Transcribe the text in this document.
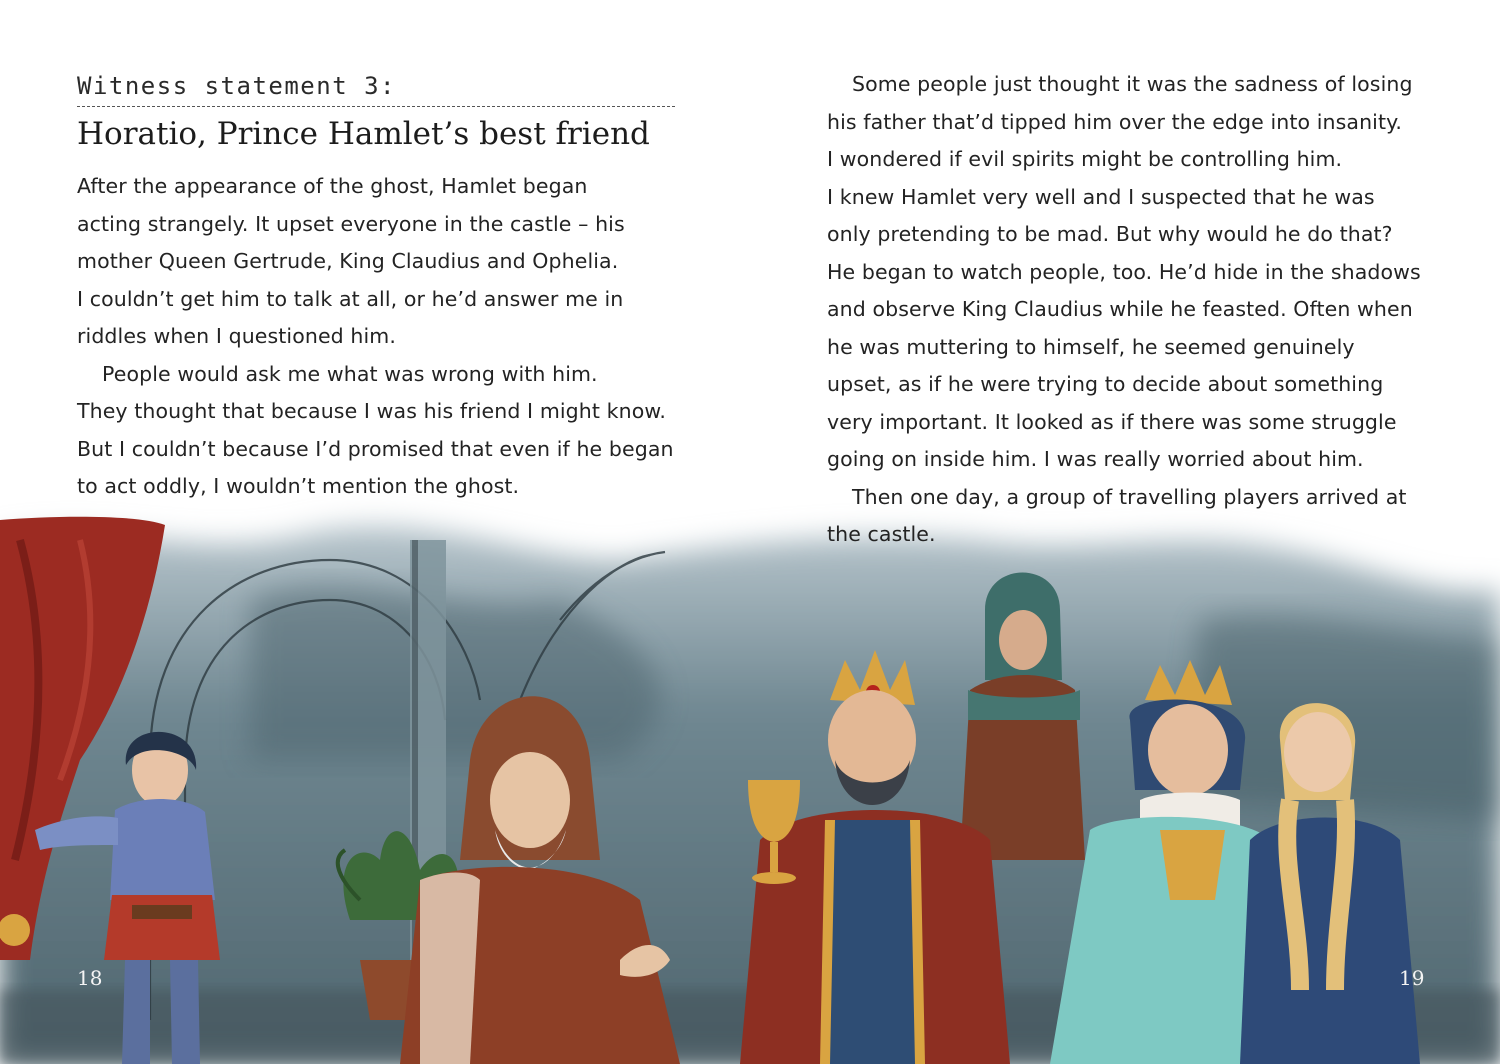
Witness statement 3:
Horatio, Prince Hamlet’s best friend
After the appearance of the ghost, Hamlet began
acting strangely. It upset everyone in the castle – his
mother Queen Gertrude, King Claudius and Ophelia.
I couldn’t get him to talk at all, or he’d answer me in
riddles when I questioned him.
People would ask me what was wrong with him.
They thought that because I was his friend I might know.
But I couldn’t because I’d promised that even if he began
to act oddly, I wouldn’t mention the ghost.
18
Some people just thought it was the sadness of losing
his father that’d tipped him over the edge into insanity.
I wondered if evil spirits might be controlling him.
I knew Hamlet very well and I suspected that he was
only pretending to be mad. But why would he do that?
He began to watch people, too. He’d hide in the shadows
and observe King Claudius while he feasted. Often when
he was muttering to himself, he seemed genuinely
upset, as if he were trying to decide about something
very important. It looked as if there was some struggle
going on inside him. I was really worried about him.
Then one day, a group of travelling players arrived at
the castle.
19
